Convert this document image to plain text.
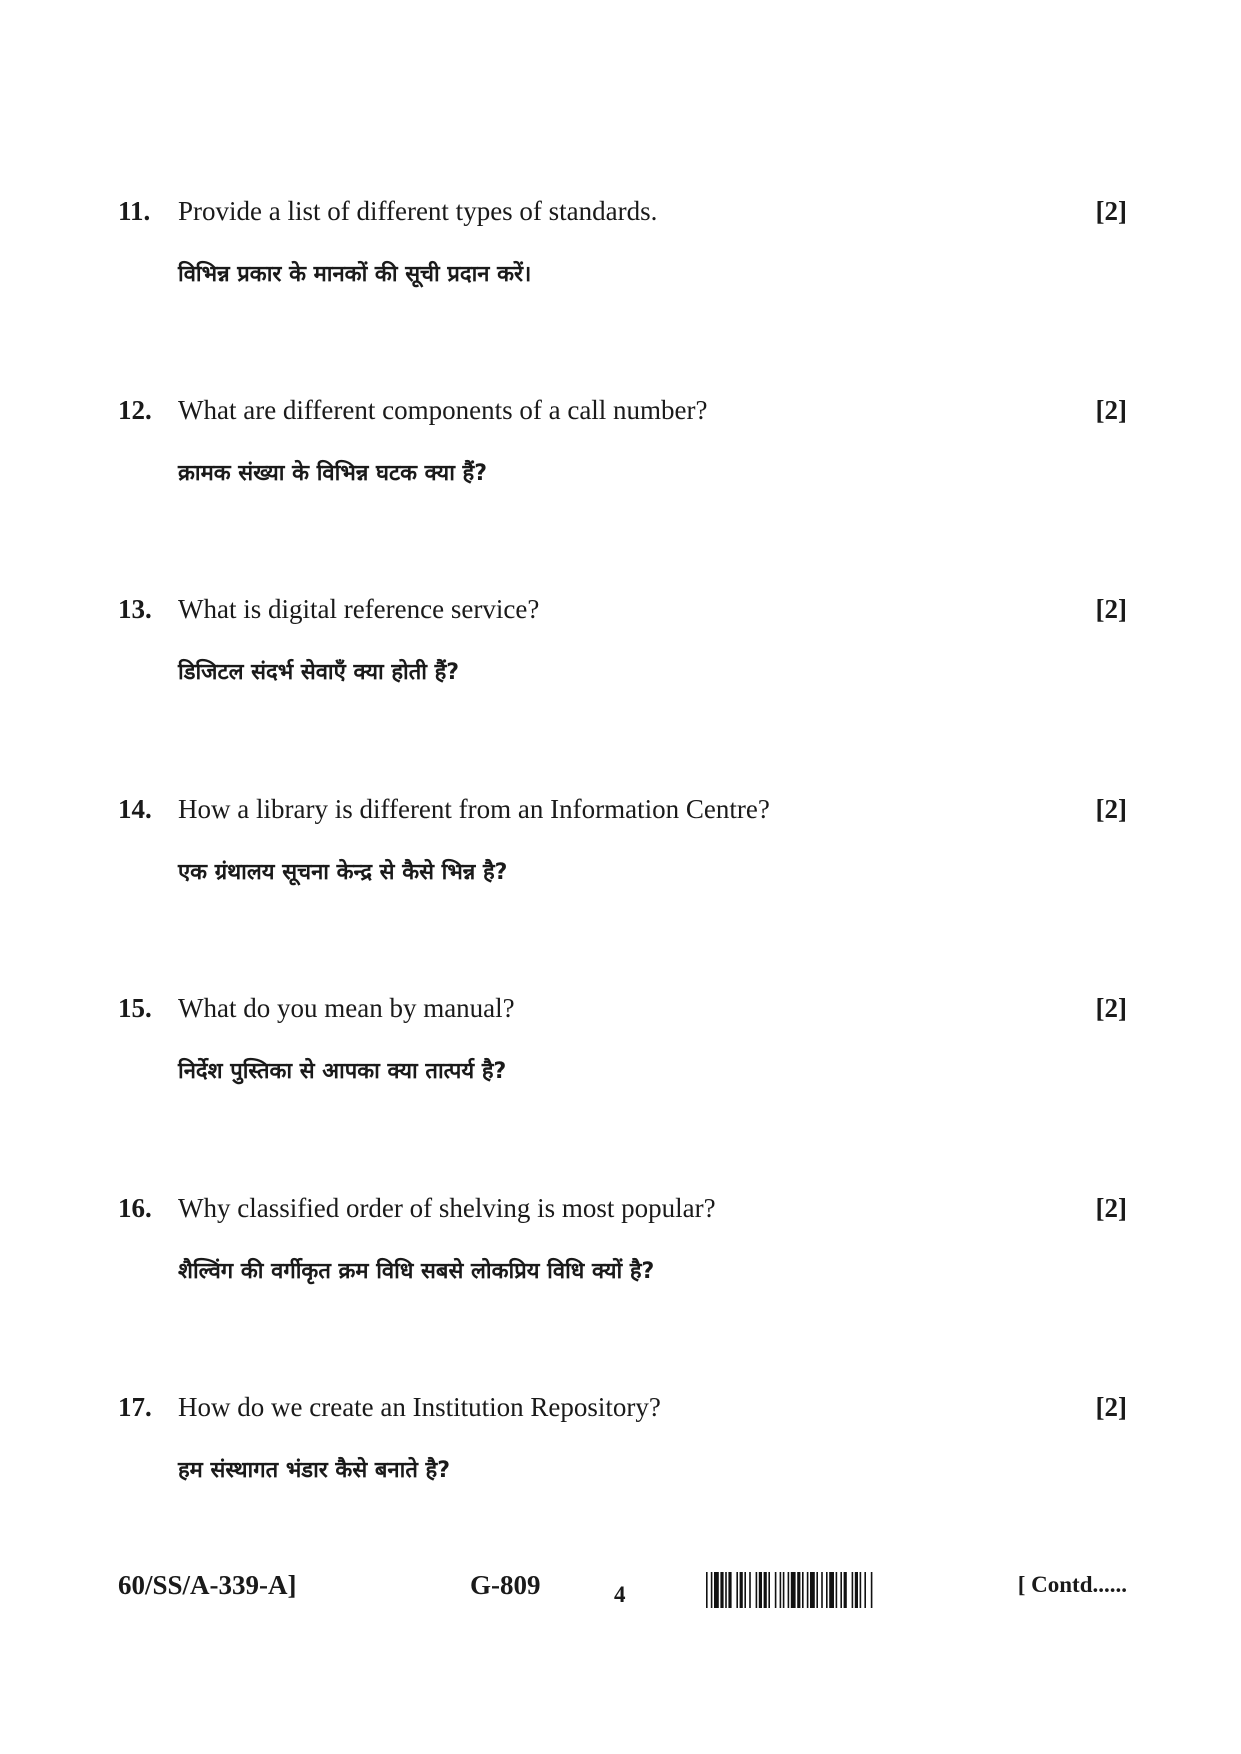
11. Provide a list of different types of standards.	[2]
विभिन्न प्रकार के मानकों की सूची प्रदान करें।
12. What are different components of a call number?	[2]
क्रामक संख्या के विभिन्न घटक क्या हैं?
13. What is digital reference service?	[2]
डिजिटल संदर्भ सेवाएँ क्या होती हैं?
14. How a library is different from an Information Centre?	[2]
एक ग्रंथालय सूचना केन्द्र से कैसे भिन्न है?
15. What do you mean by manual?	[2]
निर्देश पुस्तिका से आपका क्या तात्पर्य है?
16. Why classified order of shelving is most popular?	[2]
शैल्विंग की वर्गीकृत क्रम विधि सबसे लोकप्रिय विधि क्यों है?
17. How do we create an Institution Repository?	[2]
हम संस्थागत भंडार कैसे बनाते है?
60/SS/A-339-A]	G-809	4	[ Contd......
